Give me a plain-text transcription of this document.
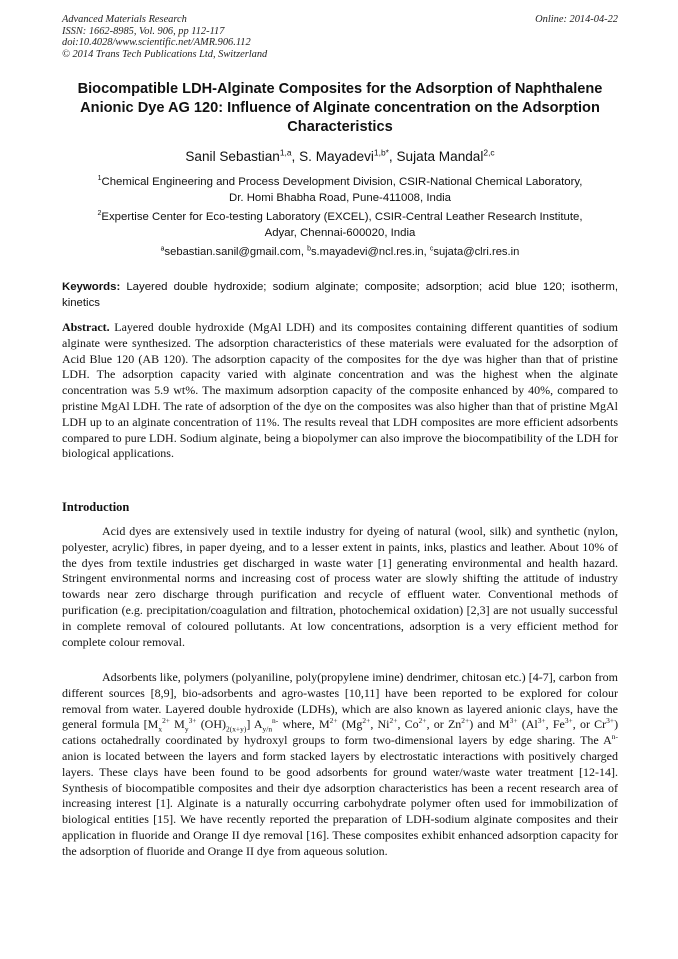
Advanced Materials Research
ISSN: 1662-8985, Vol. 906, pp 112-117
doi:10.4028/www.scientific.net/AMR.906.112
© 2014 Trans Tech Publications Ltd, Switzerland
Online: 2014-04-22
Biocompatible LDH-Alginate Composites for the Adsorption of Naphthalene Anionic Dye AG 120: Influence of Alginate concentration on the Adsorption Characteristics
Sanil Sebastian$^{1,a}$, S. Mayadevi$^{1,b*}$, Sujata Mandal$^{2,c}$
$^1$Chemical Engineering and Process Development Division, CSIR-National Chemical Laboratory,
Dr. Homi Bhabha Road, Pune-411008, India
$^2$Expertise Center for Eco-testing Laboratory (EXCEL), CSIR-Central Leather Research Institute,
Adyar, Chennai-600020, India
$^a$sebastian.sanil@gmail.com, $^b$s.mayadevi@ncl.res.in, $^c$sujata@clri.res.in
Keywords: Layered double hydroxide; sodium alginate; composite; adsorption; acid blue 120; isotherm, kinetics
Abstract. Layered double hydroxide (MgAl LDH) and its composites containing different quantities of sodium alginate were synthesized. The adsorption characteristics of these materials were evaluated for the adsorption of Acid Blue 120 (AB 120). The adsorption capacity of the composites for the dye was higher than that of pristine LDH. The adsorption capacity varied with alginate concentration and was the highest when the alginate concentration was 5.9 wt%. The maximum adsorption capacity of the composite enhanced by 40%, compared to pristine MgAl LDH. The rate of adsorption of the dye on the composites was also higher than that of pristine MgAl LDH up to an alginate concentration of 11%. The results reveal that LDH composites are more efficient adsorbents compared to pure LDH. Sodium alginate, being a biopolymer can also improve the biocompatibility of the LDH for biological applications.
Introduction
Acid dyes are extensively used in textile industry for dyeing of natural (wool, silk) and synthetic (nylon, polyester, acrylic) fibres, in paper dyeing, and to a lesser extent in paints, inks, plastics and leather. About 10% of the dyes from textile industries get discharged in waste water [1] generating environmental and health hazard. Stringent environmental norms and increasing cost of process water are slowly shifting the attitude of industry towards near zero discharge through purification and recycle of effluent water. Conventional methods of purification (e.g. precipitation/coagulation and filtration, photochemical oxidation) [2,3] are not usually successful in complete removal of coloured pollutants. At low concentrations, adsorption is a very efficient method for complete colour removal.
Adsorbents like, polymers (polyaniline, poly(propylene imine) dendrimer, chitosan etc.) [4-7], carbon from different sources [8,9], bio-adsorbents and agro-wastes [10,11] have been reported to be explored for colour removal from water. Layered double hydroxide (LDHs), which are also known as layered anionic clays, have the general formula [$M_x^{2+}$ $M_y^{3+}$ $(OH)_{2(x+y)}$] $A_{y/n}^{n-}$ where, $M^{2+}$ ($Mg^{2+}$, $Ni^{2+}$, $Co^{2+}$, or $Zn^{2+}$) and $M^{3+}$ ($Al^{3+}$, $Fe^{3+}$, or $Cr^{3+}$) cations octahedrally coordinated by hydroxyl groups to form two-dimensional layers by edge sharing. The $A^{n-}$ anion is located between the layers and form stacked layers by electrostatic interactions with positively charged layers. These clays have been found to be good adsorbents for ground water/waste water treatment [12-14]. Synthesis of biocompatible composites and their dye adsorption characteristics has been a recent research area of increasing interest [1]. Alginate is a naturally occurring carbohydrate polymer often used for immobilization of biological entities [15]. We have recently reported the preparation of LDH-sodium alginate composites and their application in fluoride and Orange II dye removal [16]. These composites exhibit enhanced adsorption capacity for the adsorption of fluoride and Orange II dye from aqueous solution.
